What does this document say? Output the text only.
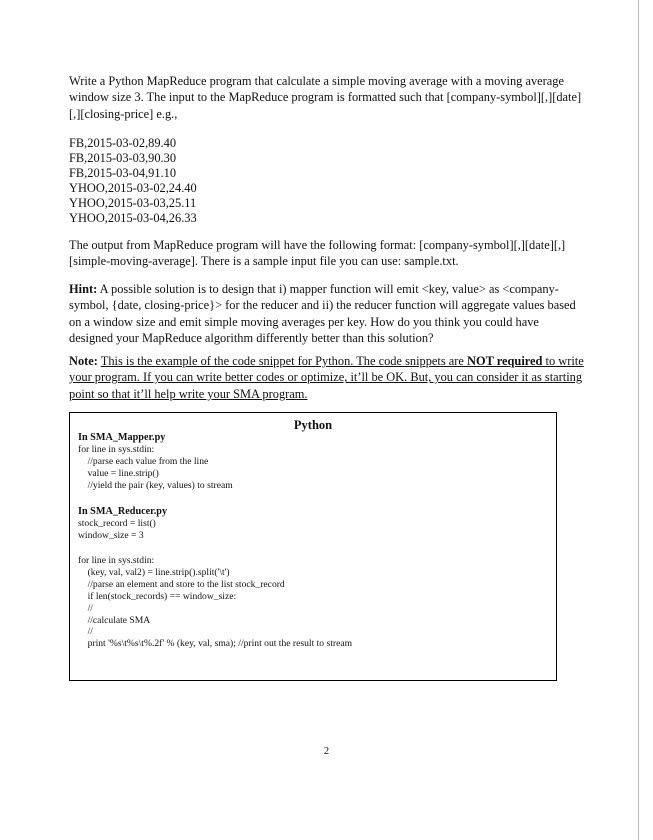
Write a Python MapReduce program that calculate a simple moving average with a moving average window size 3. The input to the MapReduce program is formatted such that [company-symbol][,][date][,][closing-price] e.g.,

FB,2015-03-02,89.40
FB,2015-03-03,90.30
FB,2015-03-04,91.10
YHOO,2015-03-02,24.40
YHOO,2015-03-03,25.11
YHOO,2015-03-04,26.33

The output from MapReduce program will have the following format: [company-symbol][,][date][,][simple-moving-average]. There is a sample input file you can use: sample.txt.

Hint: A possible solution is to design that i) mapper function will emit <key, value> as <company-symbol, {date, closing-price}> for the reducer and ii) the reducer function will aggregate values based on a window size and emit simple moving averages per key. How do you think you could have designed your MapReduce algorithm differently better than this solution?

Note: This is the example of the code snippet for Python. The code snippets are NOT required to write your program. If you can write better codes or optimize, it’ll be OK. But, you can consider it as starting point so that it’ll help write your SMA program.

Python
In SMA_Mapper.py
for line in sys.stdin:
//parse each value from the line
value = line.strip()
//yield the pair (key, values) to stream
In SMA_Reducer.py
stock_record = list()
window_size = 3
for line in sys.stdin:
(key, val, val2) = line.strip().split('\t')
//parse an element and store to the list stock_record
if len(stock_records) == window_size:
//
//calculate SMA
//
print '%s\t%s\t%.2f' % (key, val, sma); //print out the result to stream
2
